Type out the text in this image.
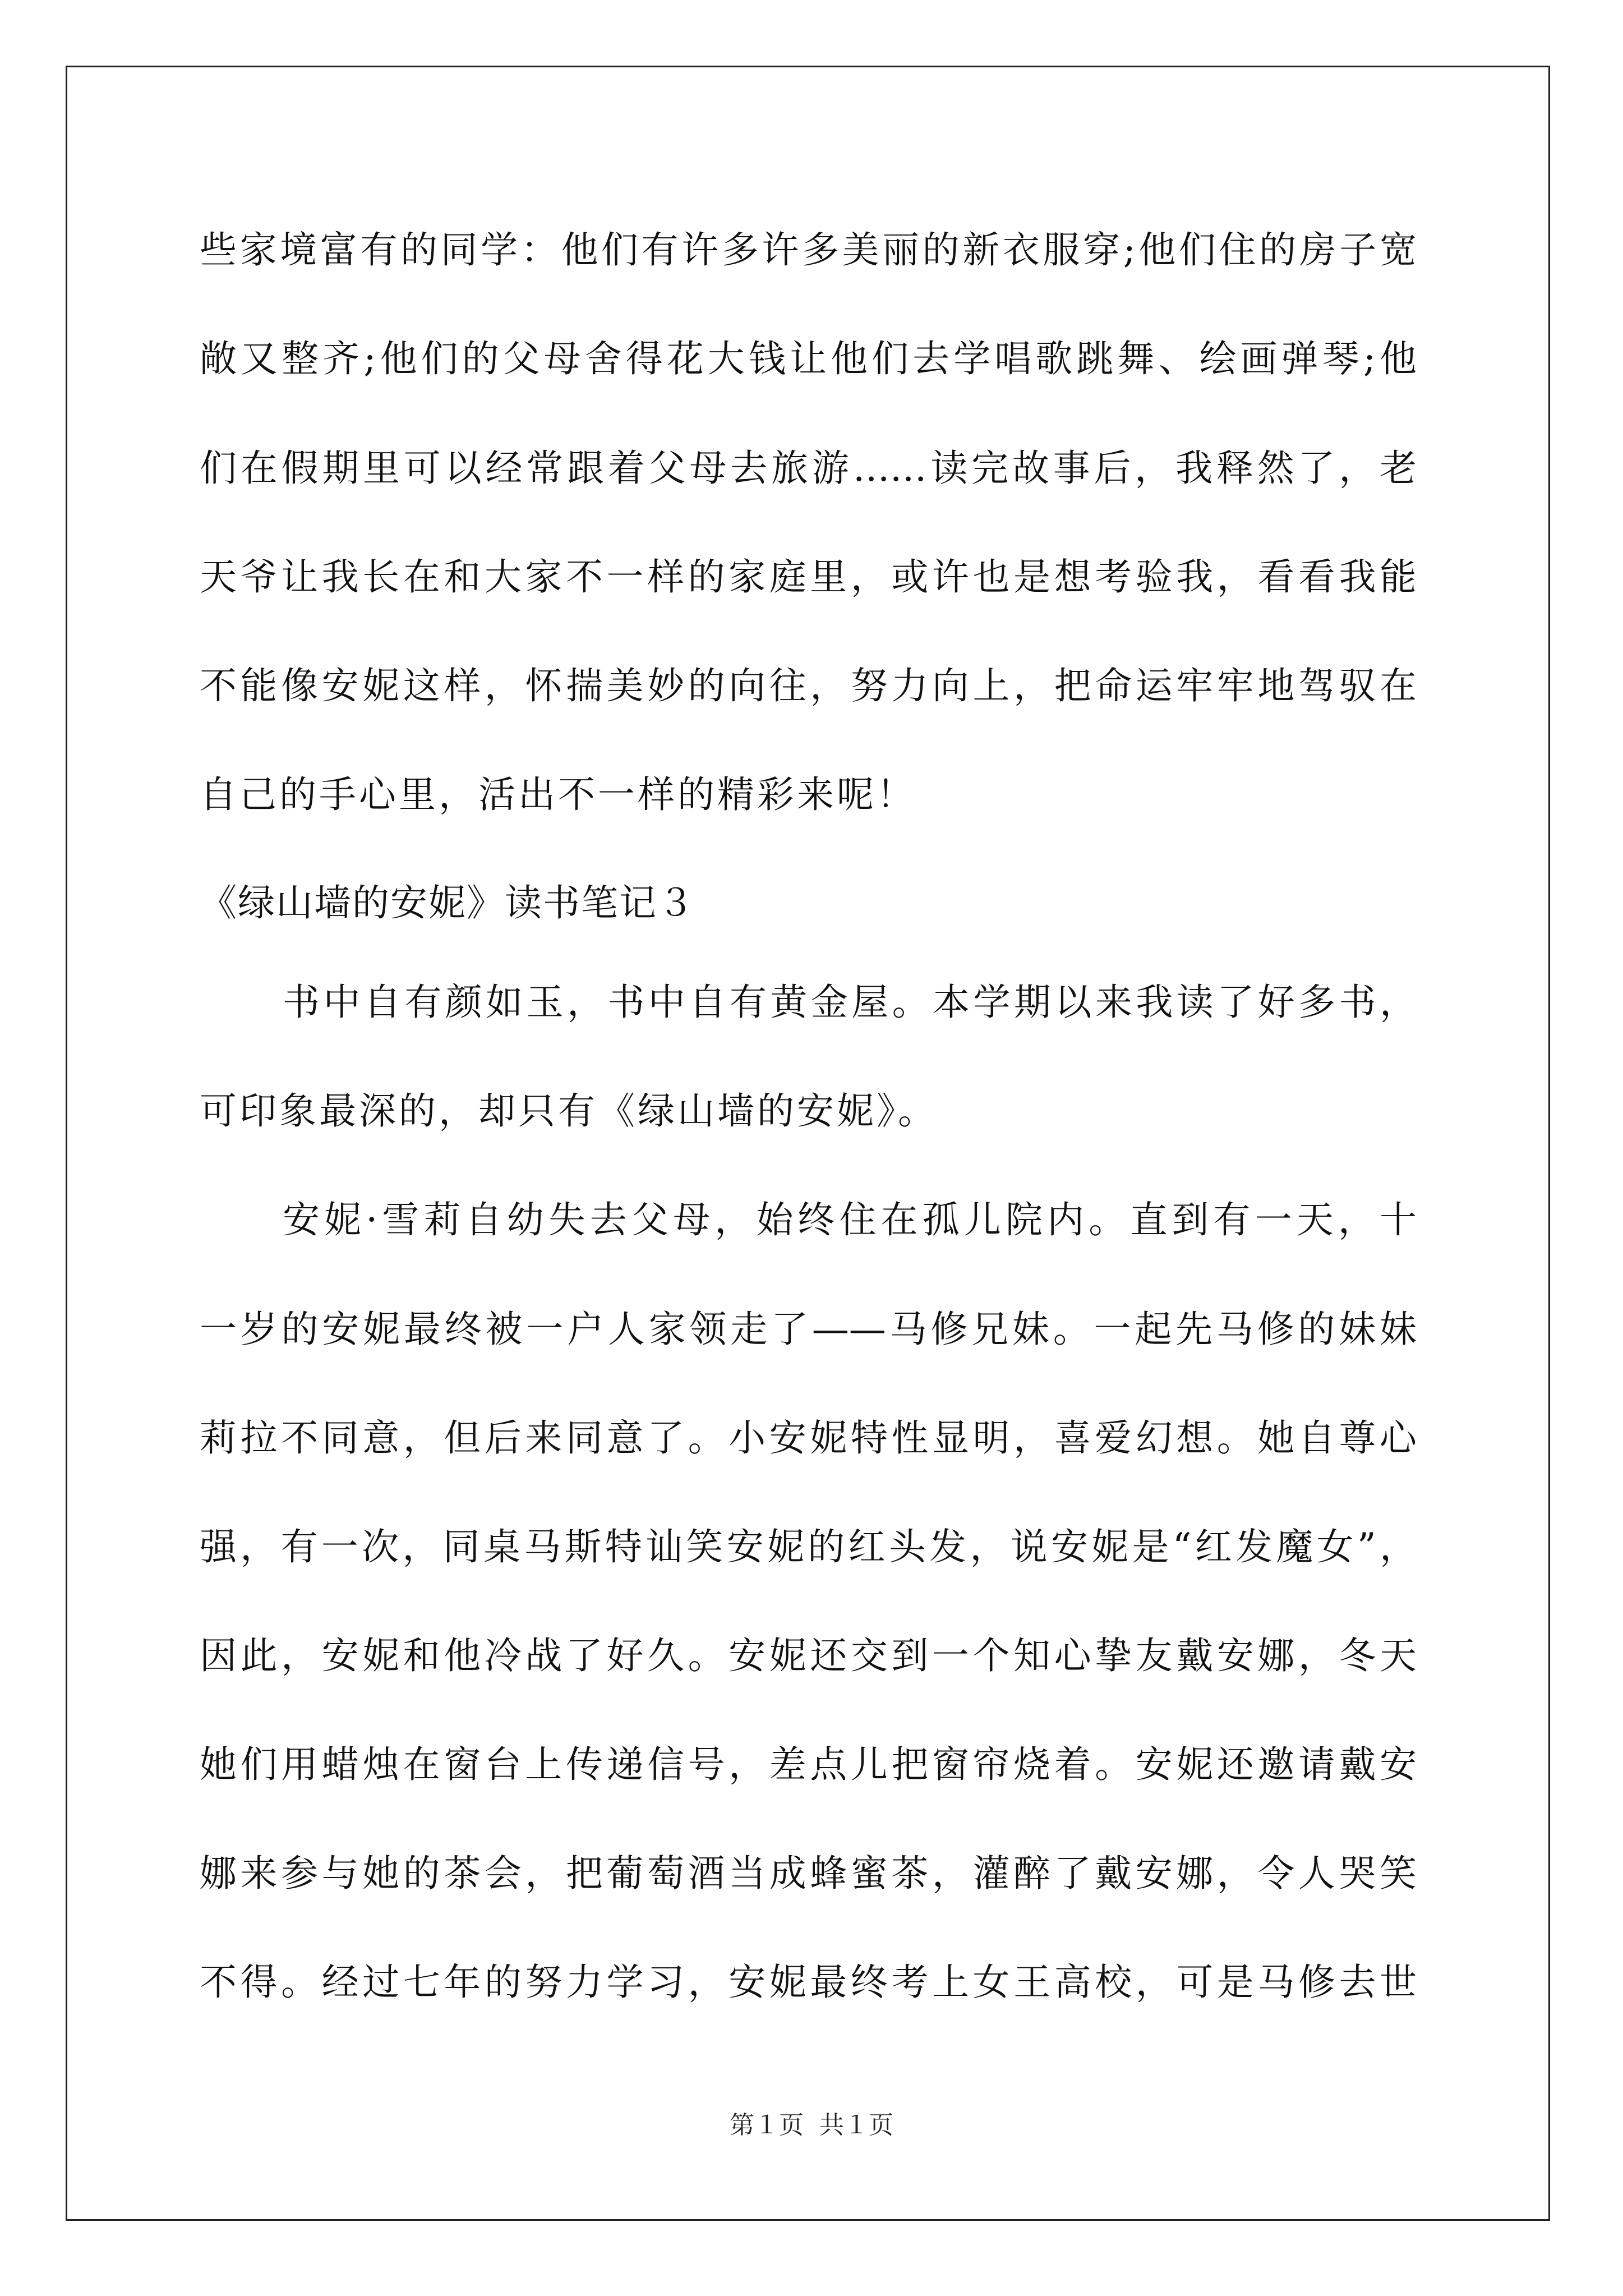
些家境富有的同学：他们有许多许多美丽的新衣服穿;他们住的房子宽
敞又整齐;他们的父母舍得花大钱让他们去学唱歌跳舞、绘画弹琴;他
们在假期里可以经常跟着父母去旅游……读完故事后，我释然了，老
天爷让我长在和大家不一样的家庭里，或许也是想考验我，看看我能
不能像安妮这样，怀揣美妙的向往，努力向上，把命运牢牢地驾驭在
自己的手心里，活出不一样的精彩来呢！
《绿山墙的安妮》读书笔记３
书中自有颜如玉，书中自有黄金屋。本学期以来我读了好多书，
可印象最深的，却只有《绿山墙的安妮》。
安妮·雪莉自幼失去父母，始终住在孤儿院内。直到有一天，十
一岁的安妮最终被一户人家领走了——马修兄妹。一起先马修的妹妹
莉拉不同意，但后来同意了。小安妮特性显明，喜爱幻想。她自尊心
强，有一次，同桌马斯特讪笑安妮的红头发，说安妮是“红发魔女”，
因此，安妮和他冷战了好久。安妮还交到一个知心挚友戴安娜，冬天
她们用蜡烛在窗台上传递信号，差点儿把窗帘烧着。安妮还邀请戴安
娜来参与她的茶会，把葡萄酒当成蜂蜜茶，灌醉了戴安娜，令人哭笑
不得。经过七年的努力学习，安妮最终考上女王高校，可是马修去世
第１页 共１页
